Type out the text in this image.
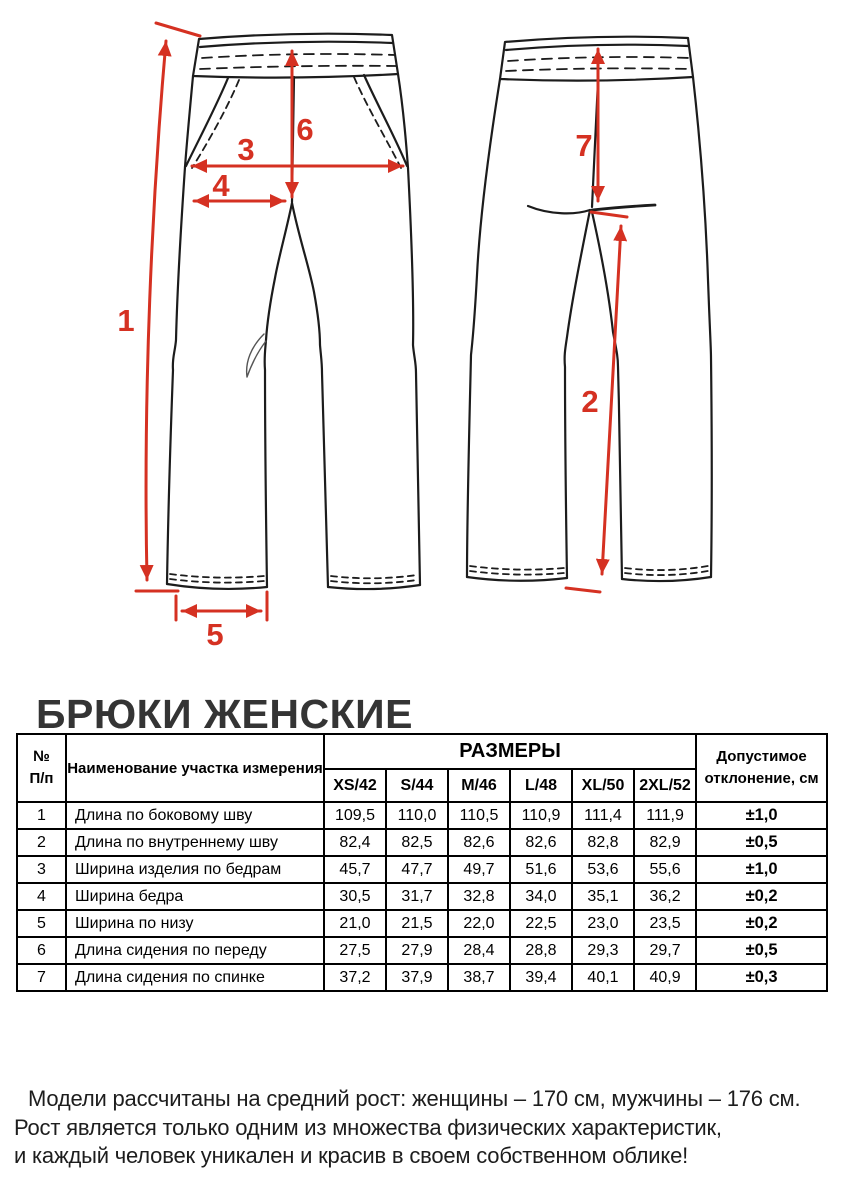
1
3
4
5
6	7
2
БРЮКИ ЖЕНСКИЕ
№
П/п
	Наименование участка измерения	РАЗМЕРЫ	Допустимое
отклонение, см

		XS/42	S/44	M/46	L/48	XL/50	2XL/52	
1	Длина по боковому шву	109,5	110,0	110,5	110,9	111,4	111,9	±1,0
2	Длина по внутреннему шву	82,4	82,5	82,6	82,6	82,8	82,9	±0,5
3	Ширина изделия по бедрам	45,7	47,7	49,7	51,6	53,6	55,6	±1,0
4	Ширина бедра	30,5	31,7	32,8	34,0	35,1	36,2	±0,2
5	Ширина по низу	21,0	21,5	22,0	22,5	23,0	23,5	±0,2
6	Длина сидения по переду	27,5	27,9	28,4	28,8	29,3	29,7	±0,5
7	Длина сидения по спинке	37,2	37,9	38,7	39,4	40,1	40,9	±0,3
Модели рассчитаны на средний рост: женщины – 170 см, мужчины – 176 см.
Рост является только одним из множества физических характеристик,
и каждый человек уникален и красив в своем собственном облике!
